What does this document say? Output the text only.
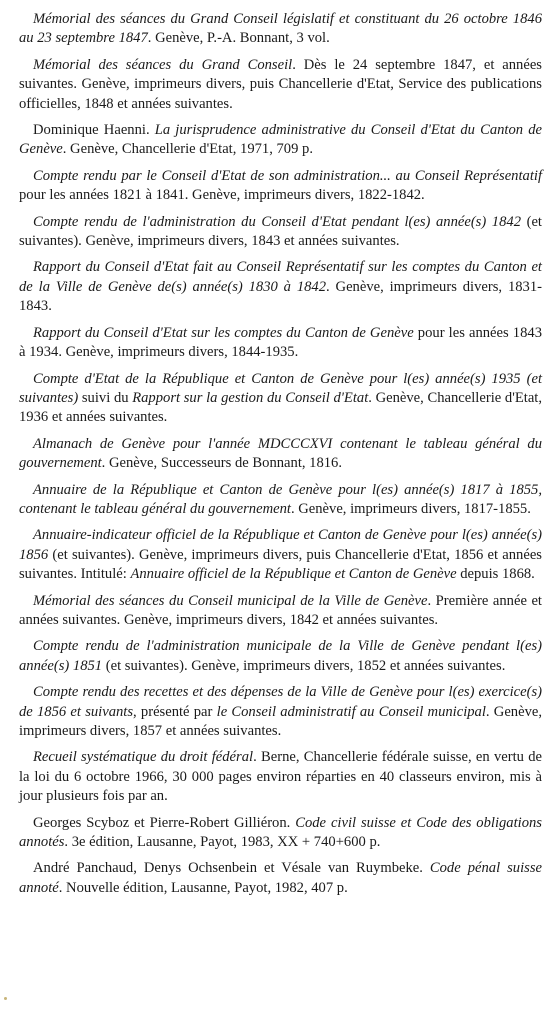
Mémorial des séances du Grand Conseil législatif et constituant du 26 octobre 1846 au 23 septembre 1847. Genève, P.-A. Bonnant, 3 vol.

Mémorial des séances du Grand Conseil. Dès le 24 septembre 1847, et années suivantes. Genève, imprimeurs divers, puis Chancellerie d'Etat, Service des publications officielles, 1848 et années suivantes.

Dominique Haenni. La jurisprudence administrative du Conseil d'Etat du Canton de Genève. Genève, Chancellerie d'Etat, 1971, 709 p.

Compte rendu par le Conseil d'Etat de son administration... au Conseil Représentatif pour les années 1821 à 1841. Genève, imprimeurs divers, 1822-1842.

Compte rendu de l'administration du Conseil d'Etat pendant l(es) année(s) 1842 (et suivantes). Genève, imprimeurs divers, 1843 et années suivantes.

Rapport du Conseil d'Etat fait au Conseil Représentatif sur les comptes du Canton et de la Ville de Genève de(s) année(s) 1830 à 1842. Genève, imprimeurs divers, 1831-1843.

Rapport du Conseil d'Etat sur les comptes du Canton de Genève pour les années 1843 à 1934. Genève, imprimeurs divers, 1844-1935.

Compte d'Etat de la République et Canton de Genève pour l(es) année(s) 1935 (et suivantes) suivi du Rapport sur la gestion du Conseil d'Etat. Genève, Chancellerie d'Etat, 1936 et années suivantes.

Almanach de Genève pour l'année MDCCCXVI contenant le tableau général du gouvernement. Genève, Successeurs de Bonnant, 1816.

Annuaire de la République et Canton de Genève pour l(es) année(s) 1817 à 1855, contenant le tableau général du gouvernement. Genève, imprimeurs divers, 1817-1855.

Annuaire-indicateur officiel de la République et Canton de Genève pour l(es) année(s) 1856 (et suivantes). Genève, imprimeurs divers, puis Chancellerie d'Etat, 1856 et années suivantes. Intitulé: Annuaire officiel de la République et Canton de Genève depuis 1868.

Mémorial des séances du Conseil municipal de la Ville de Genève. Première année et années suivantes. Genève, imprimeurs divers, 1842 et années suivantes.

Compte rendu de l'administration municipale de la Ville de Genève pendant l(es) année(s) 1851 (et suivantes). Genève, imprimeurs divers, 1852 et années suivantes.

Compte rendu des recettes et des dépenses de la Ville de Genève pour l(es) exercice(s) de 1856 et suivants, présenté par le Conseil administratif au Conseil municipal. Genève, imprimeurs divers, 1857 et années suivantes.

Recueil systématique du droit fédéral. Berne, Chancellerie fédérale suisse, en vertu de la loi du 6 octobre 1966, 30 000 pages environ réparties en 40 classeurs environ, mis à jour plusieurs fois par an.

Georges Scyboz et Pierre-Robert Gilliéron. Code civil suisse et Code des obligations annotés. 3e édition, Lausanne, Payot, 1983, XX + 740+600 p.

André Panchaud, Denys Ochsenbein et Vésale van Ruymbeke. Code pénal suisse annoté. Nouvelle édition, Lausanne, Payot, 1982, 407 p.
